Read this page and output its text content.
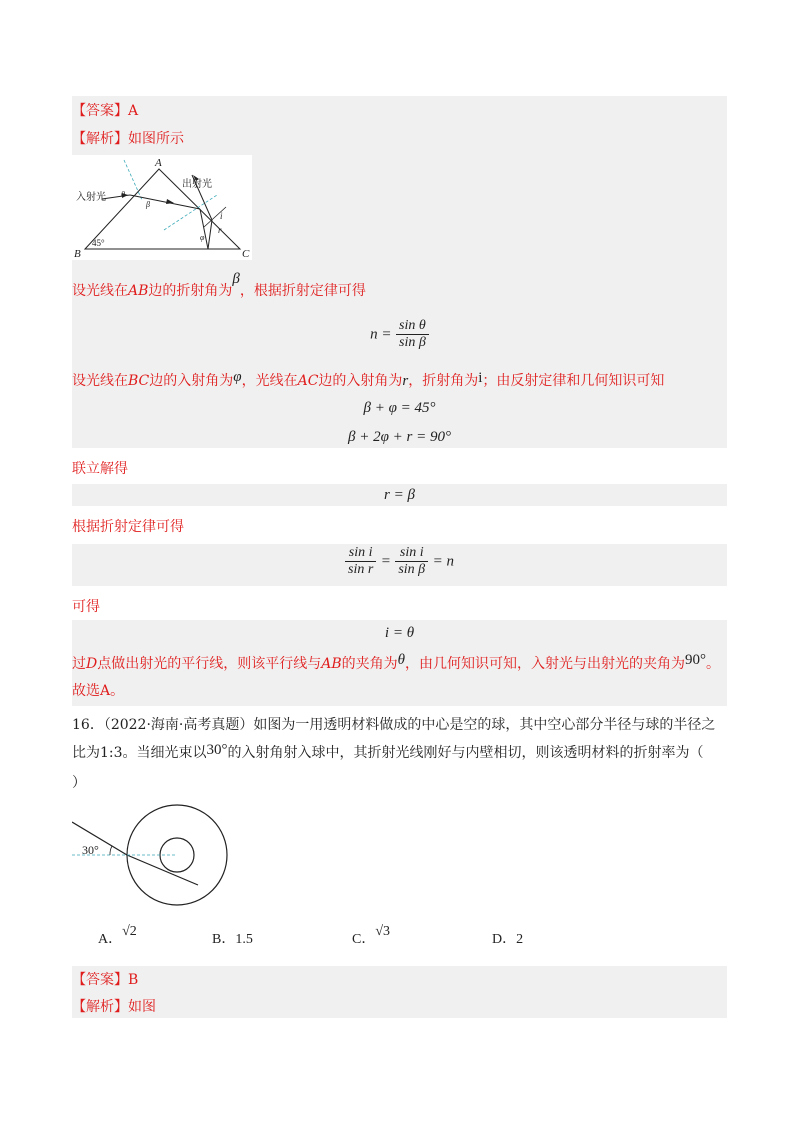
【答案】A
【解析】如图所示
A
B	C
45°
入射光
出射光
θ
β
φ
i
r
设光线在AB边的折射角为β，根据折射定律可得
$n = \frac{\text{sin θ}}{\text{sin β}}$
设光线在BC边的入射角为φ，光线在AC边的入射角为r，折射角为i；由反射定律和几何知识可知
β + φ = 45°
β + 2φ + r = 90°
联立解得
r = β
根据折射定律可得
$\frac{\text{sin i}}{\text{sin r}} = \frac{\text{sin i}}{\text{sin β}} = n$
可得
i = θ
过D点做出射光的平行线，则该平行线与AB的夹角为θ，由几何知识可知，入射光与出射光的夹角为90°。
故选A。
16．（2022·海南·高考真题）如图为一用透明材料做成的中心是空的球，其中空心部分半径与球的半径之
比为1:3。当细光束以30°的入射角射入球中，其折射光线刚好与内壁相切，则该透明材料的折射率为（
）
30°
A．√2
B．1.5	C．√3
D．2
【答案】B
【解析】如图
